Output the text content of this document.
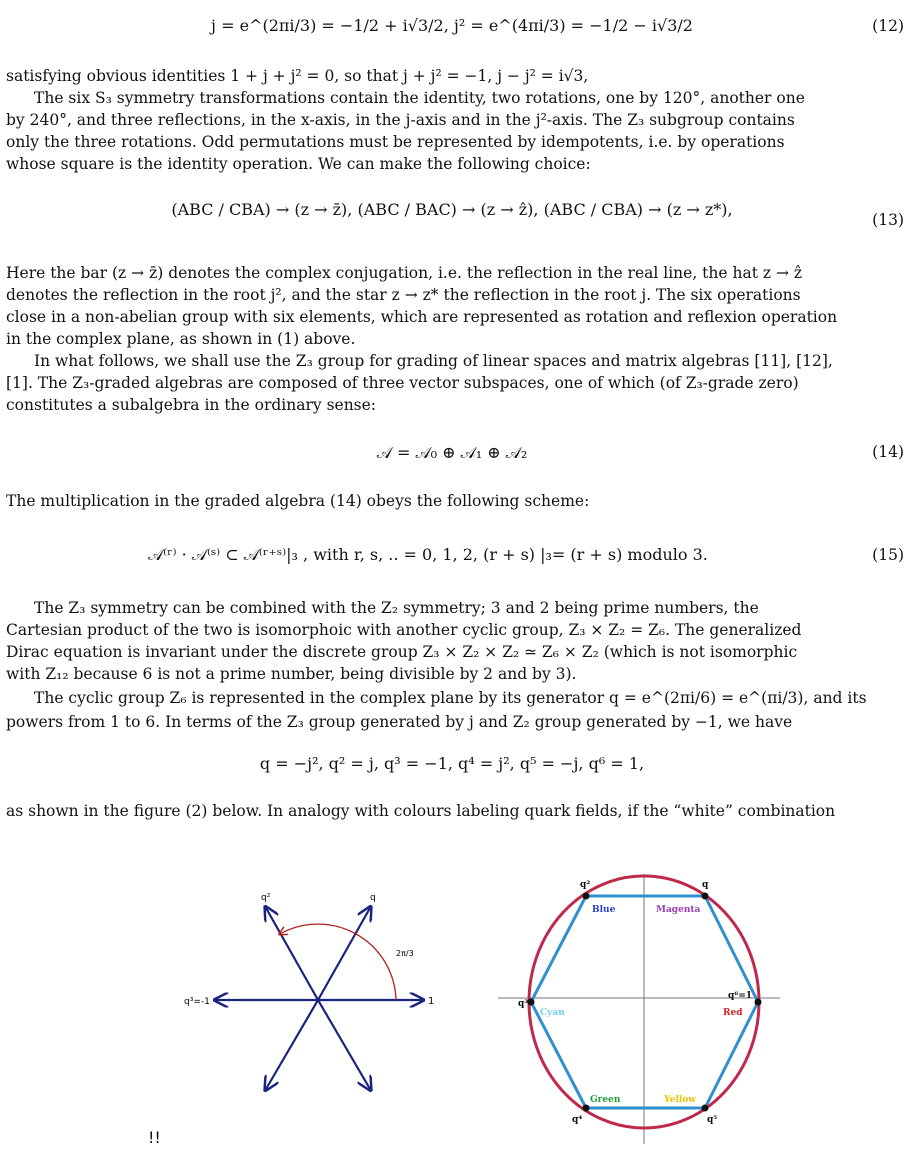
j = e^(2πi/3) = −1/2 + i√3/2, j² = e^(4πi/3) = −1/2 − i√3/2	(12)
satisfying obvious identities 1 + j + j² = 0, so that j + j² = −1, j − j² = i√3,
The six S₃ symmetry transformations contain the identity, two rotations, one by 120°, another one
by 240°, and three reflections, in the x-axis, in the j-axis and in the j²-axis. The Z₃ subgroup contains
only the three rotations. Odd permutations must be represented by idempotents, i.e. by operations
whose square is the identity operation. We can make the following choice:
(ABC / CBA) → (z → z̄), (ABC / BAC) → (z → ẑ), (ABC / CBA) → (z → z*),
(13)
Here the bar (z → z̄) denotes the complex conjugation, i.e. the reflection in the real line, the hat z → ẑ
denotes the reflection in the root j², and the star z → z* the reflection in the root j. The six operations
close in a non-abelian group with six elements, which are represented as rotation and reflexion operation
in the complex plane, as shown in (1) above.
In what follows, we shall use the Z₃ group for grading of linear spaces and matrix algebras [11], [12],
[1]. The Z₃-graded algebras are composed of three vector subspaces, one of which (of Z₃-grade zero)
constitutes a subalgebra in the ordinary sense:
𝒜 = 𝒜₀ ⊕ 𝒜₁ ⊕ 𝒜₂	(14)
The multiplication in the graded algebra (14) obeys the following scheme:
𝒜⁽ʳ⁾ · 𝒜⁽ˢ⁾ ⊂ 𝒜⁽ʳ⁺ˢ⁾|₃ , with r, s, .. = 0, 1, 2, (r + s) |₃= (r + s) modulo 3.	(15)
The Z₃ symmetry can be combined with the Z₂ symmetry; 3 and 2 being prime numbers, the
Cartesian product of the two is isomorphoic with another cyclic group, Z₃ × Z₂ = Z₆. The generalized
Dirac equation is invariant under the discrete group Z₃ × Z₂ × Z₂ ≃ Z₆ × Z₂ (which is not isomorphic
with Z₁₂ because 6 is not a prime number, being divisible by 2 and by 3).
The cyclic group Z₆ is represented in the complex plane by its generator q = e^(2πi/6) = e^(πi/3), and its
powers from 1 to 6. In terms of the Z₃ group generated by j and Z₂ group generated by −1, we have
q = −j², q² = j, q³ = −1, q⁴ = j², q⁵ = −j, q⁶ = 1,
as shown in the figure (2) below. In analogy with colours labeling quark fields, if the “white” combination
1
q
q²
q³=-1
2π/3
q
q²
q³
q⁴	q⁵
q⁶=1
Blue	Magenta
Cyan	Red
Green	Yellow
!!
